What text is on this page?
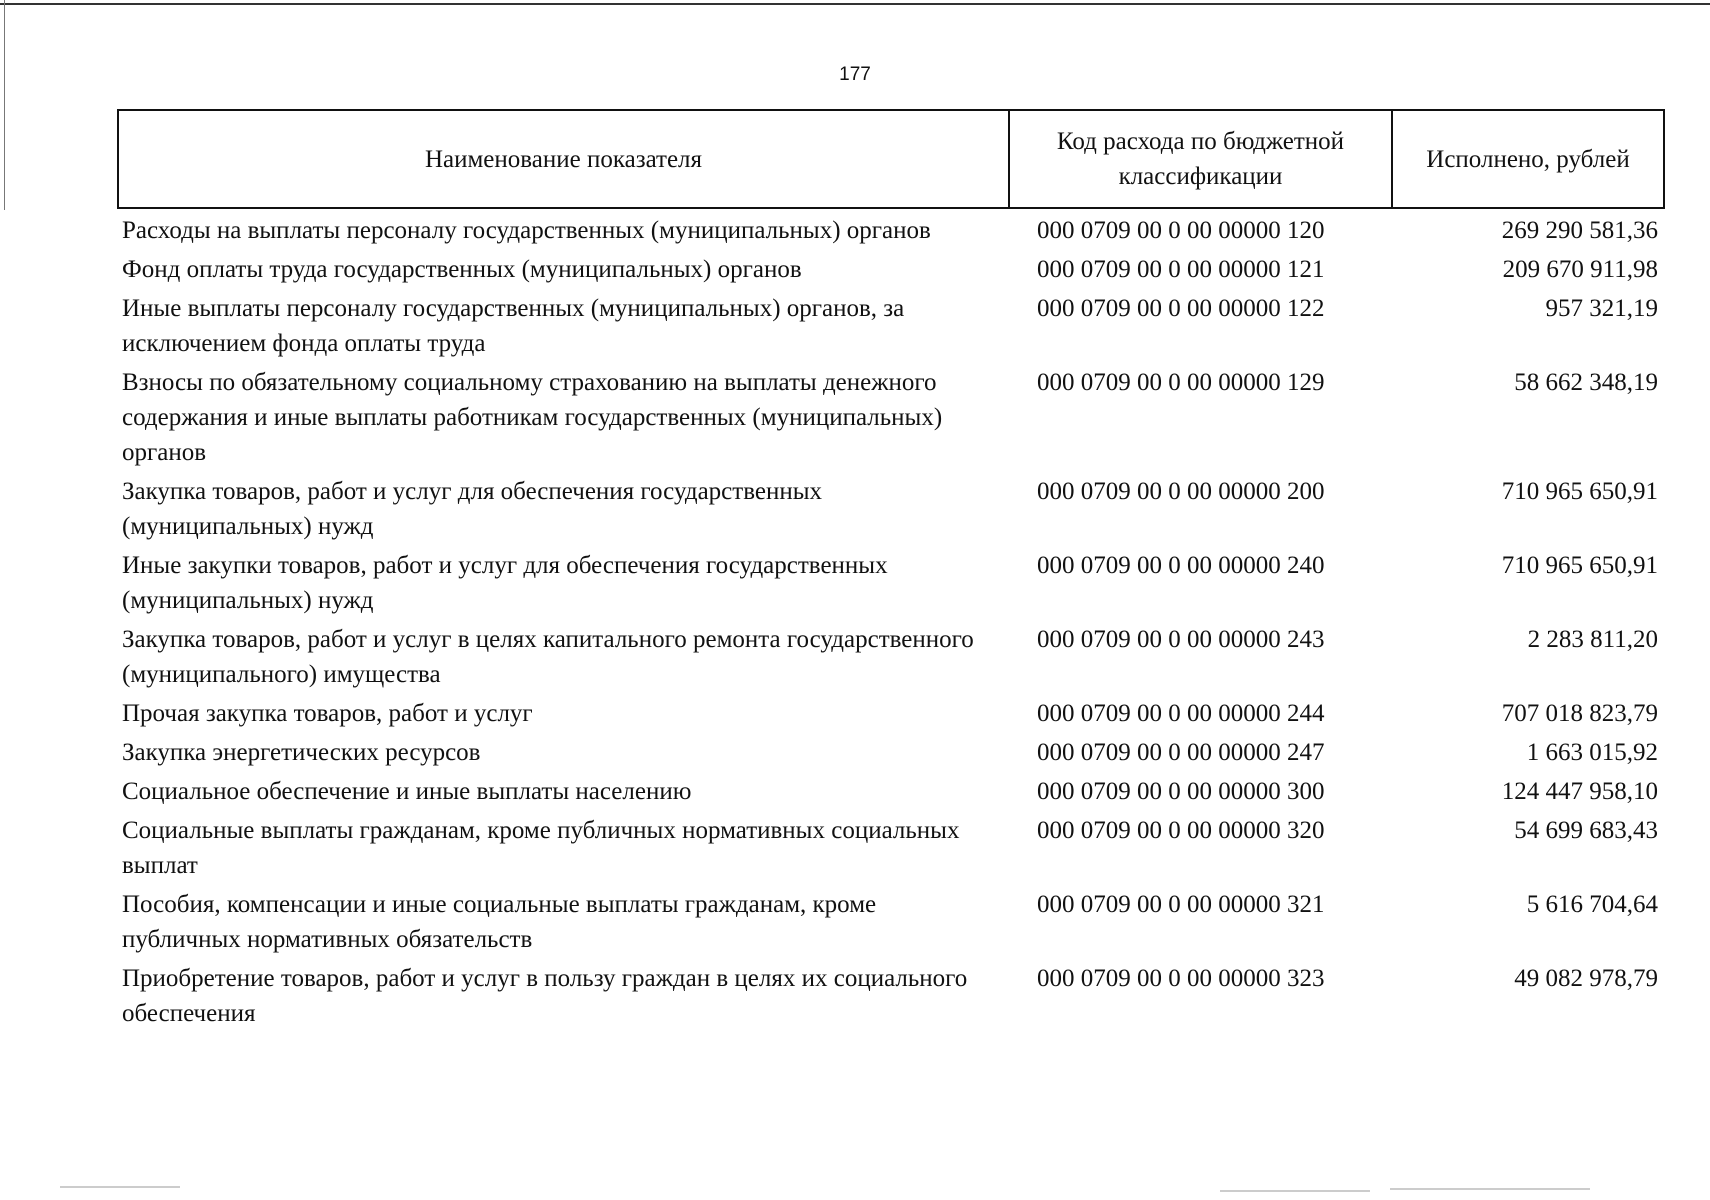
177
Наименование показателя	Код расхода по бюджетной классификации	Исполнено, рублей
Расходы на выплаты персоналу государственных (муниципальных) органов	000 0709 00 0 00 00000 120	269 290 581,36
Фонд оплаты труда государственных (муниципальных) органов	000 0709 00 0 00 00000 121	209 670 911,98
Иные выплаты персоналу государственных (муниципальных) органов, за исключением фонда оплаты труда	000 0709 00 0 00 00000 122	957 321,19
Взносы по обязательному социальному страхованию на выплаты денежного содержания и иные выплаты работникам государственных (муниципальных) органов	000 0709 00 0 00 00000 129	58 662 348,19
Закупка товаров, работ и услуг для обеспечения государственных (муниципальных) нужд	000 0709 00 0 00 00000 200	710 965 650,91
Иные закупки товаров, работ и услуг для обеспечения государственных (муниципальных) нужд	000 0709 00 0 00 00000 240	710 965 650,91
Закупка товаров, работ и услуг в целях капитального ремонта государственного (муниципального) имущества	000 0709 00 0 00 00000 243	2 283 811,20
Прочая закупка товаров, работ и услуг	000 0709 00 0 00 00000 244	707 018 823,79
Закупка энергетических ресурсов	000 0709 00 0 00 00000 247	1 663 015,92
Социальное обеспечение и иные выплаты населению	000 0709 00 0 00 00000 300	124 447 958,10
Социальные выплаты гражданам, кроме публичных нормативных социальных выплат	000 0709 00 0 00 00000 320	54 699 683,43
Пособия, компенсации и иные социальные выплаты гражданам, кроме публичных нормативных обязательств	000 0709 00 0 00 00000 321	5 616 704,64
Приобретение товаров, работ и услуг в пользу граждан в целях их социального обеспечения	000 0709 00 0 00 00000 323	49 082 978,79
